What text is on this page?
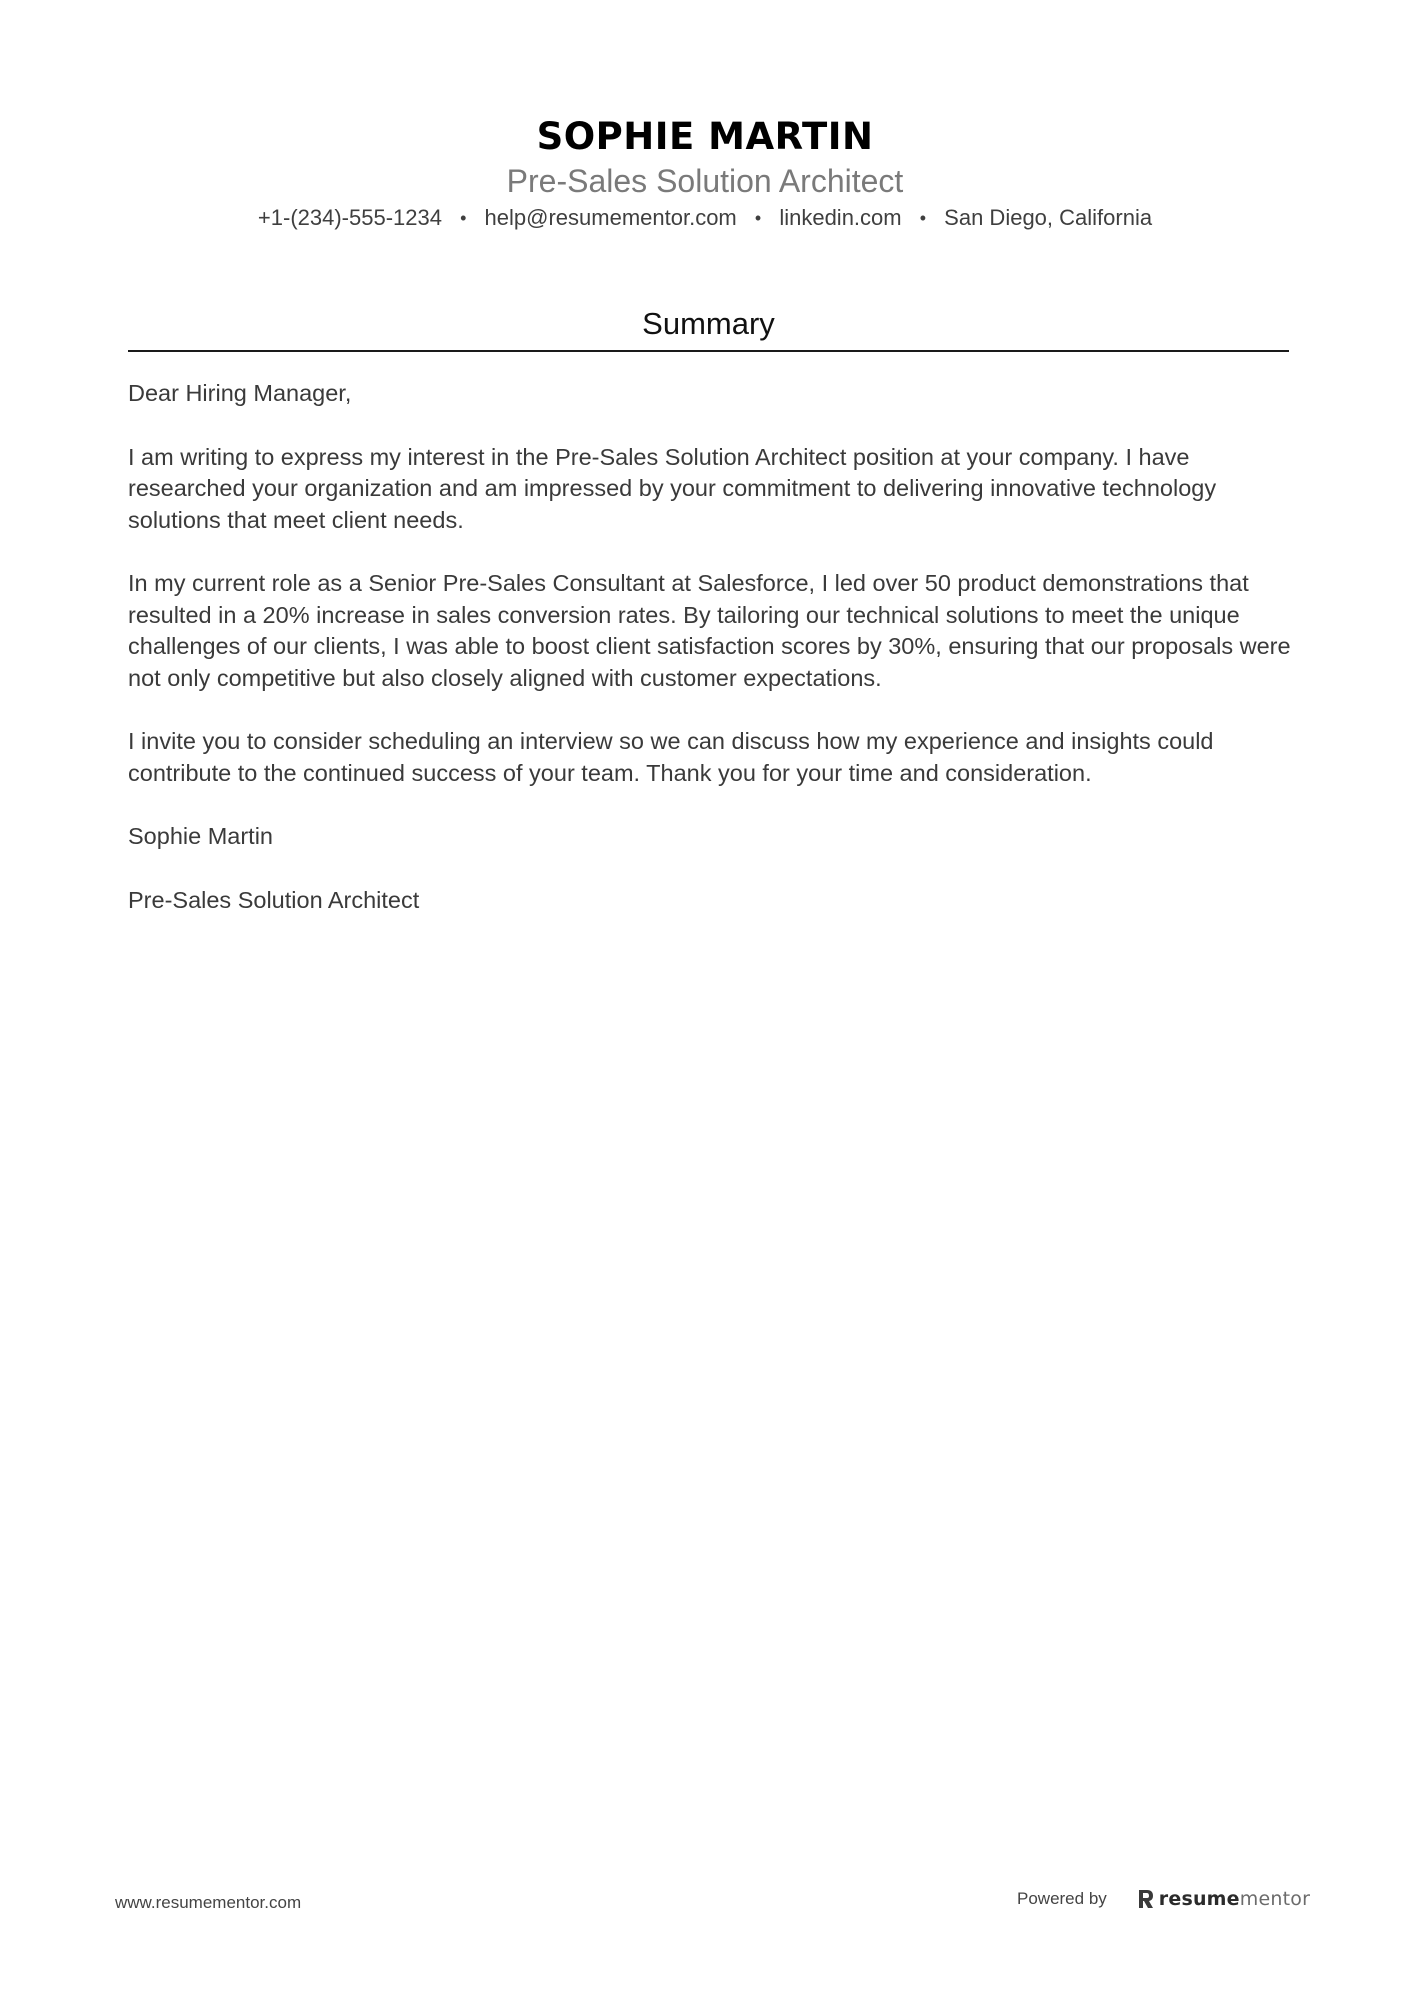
SOPHIE MARTIN
Pre-Sales Solution Architect
+1-(234)-555-1234 • help@resumementor.com • linkedin.com • San Diego, California
Summary

Dear Hiring Manager,

I am writing to express my interest in the Pre-Sales Solution Architect position at your company. I have researched your organization and am impressed by your commitment to delivering innovative technology solutions that meet client needs.

In my current role as a Senior Pre-Sales Consultant at Salesforce, I led over 50 product demonstrations that resulted in a 20% increase in sales conversion rates. By tailoring our technical solutions to meet the unique challenges of our clients, I was able to boost client satisfaction scores by 30%, ensuring that our proposals were not only competitive but also closely aligned with customer expectations.

I invite you to consider scheduling an interview so we can discuss how my experience and insights could contribute to the continued success of your team. Thank you for your time and consideration.

Sophie Martin

Pre-Sales Solution Architect

www.resumementor.com	Powered by	resumementor
